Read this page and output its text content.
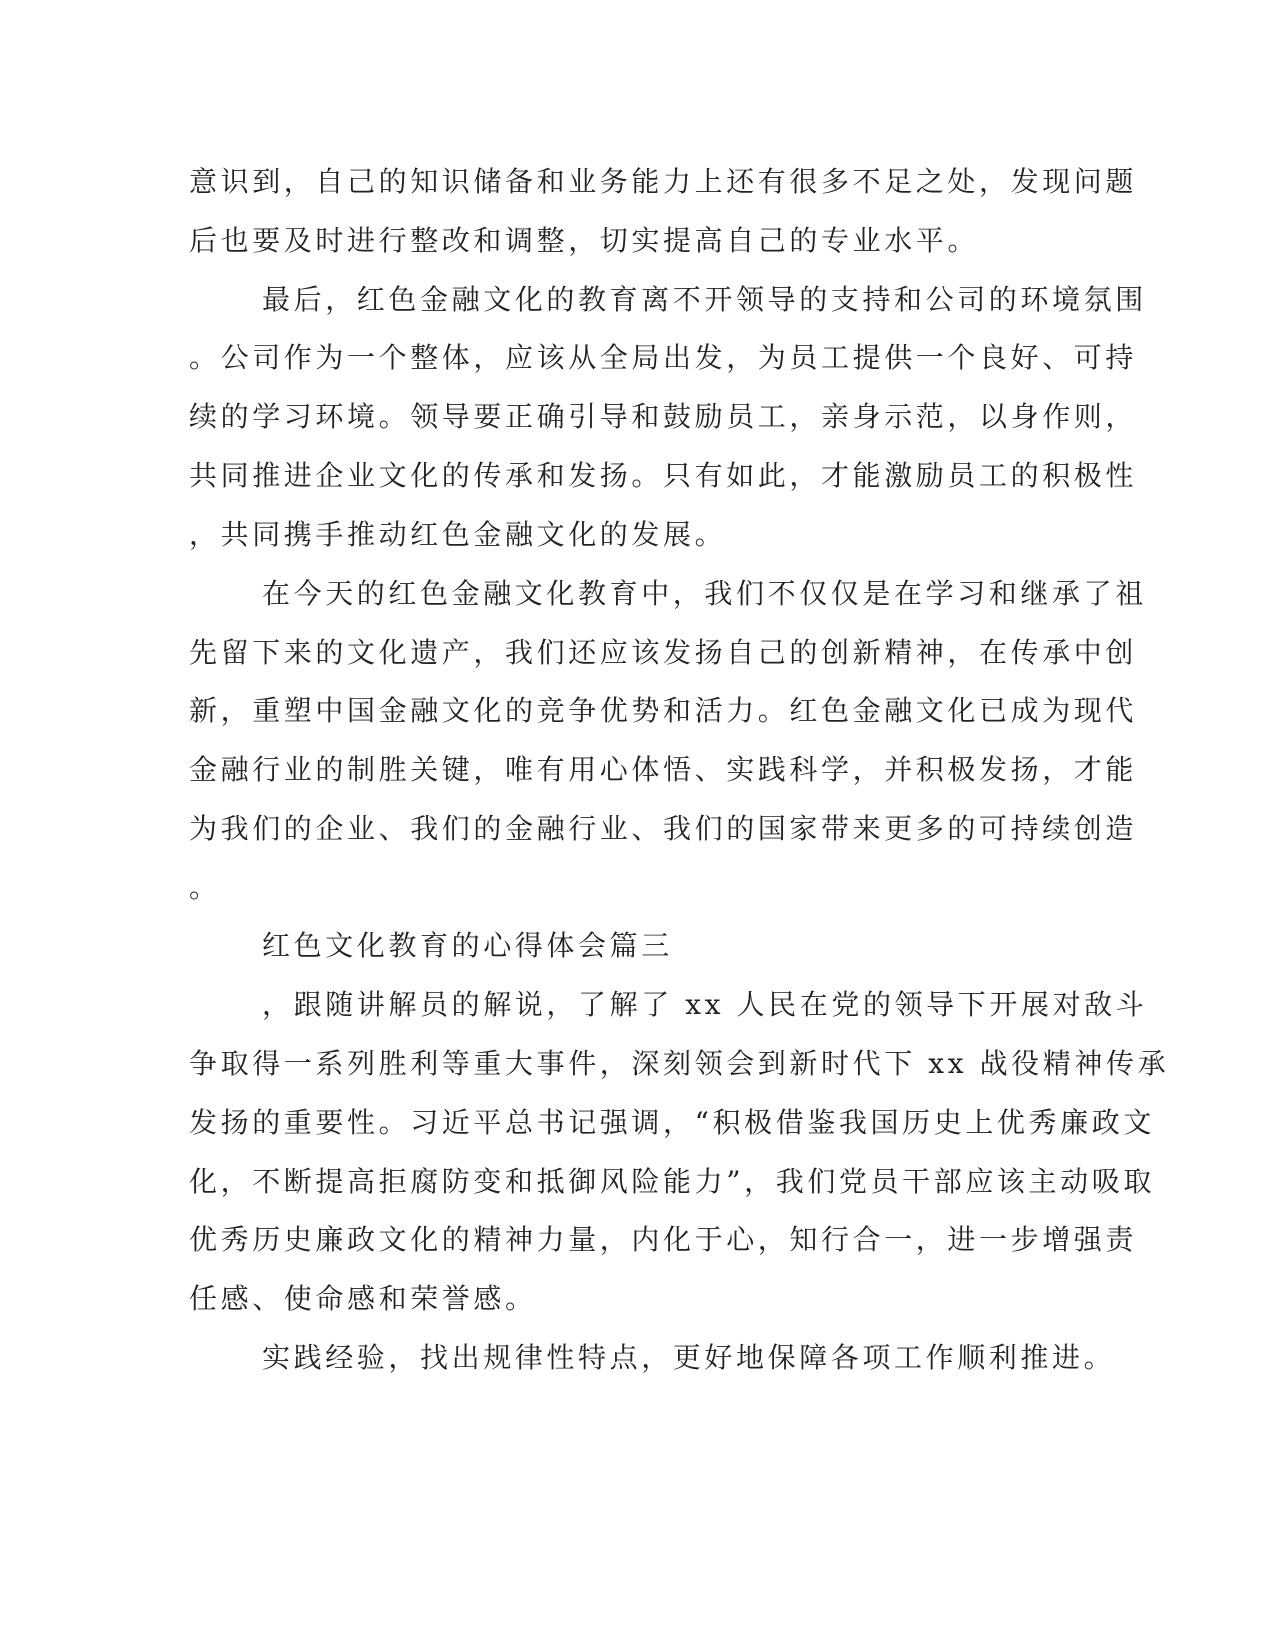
意识到，自己的知识储备和业务能力上还有很多不足之处，发现问题

后也要及时进行整改和调整，切实提高自己的专业水平。

最后，红色金融文化的教育离不开领导的支持和公司的环境氛围

。公司作为一个整体，应该从全局出发，为员工提供一个良好、可持

续的学习环境。领导要正确引导和鼓励员工，亲身示范，以身作则，

共同推进企业文化的传承和发扬。只有如此，才能激励员工的积极性

，共同携手推动红色金融文化的发展。

在今天的红色金融文化教育中，我们不仅仅是在学习和继承了祖

先留下来的文化遗产，我们还应该发扬自己的创新精神，在传承中创

新，重塑中国金融文化的竞争优势和活力。红色金融文化已成为现代

金融行业的制胜关键，唯有用心体悟、实践科学，并积极发扬，才能

为我们的企业、我们的金融行业、我们的国家带来更多的可持续创造

。

红色文化教育的心得体会篇三

，跟随讲解员的解说，了解了 xx 人民在党的领导下开展对敌斗

争取得一系列胜利等重大事件，深刻领会到新时代下 xx 战役精神传承

发扬的重要性。习近平总书记强调，“积极借鉴我国历史上优秀廉政文

化，不断提高拒腐防变和抵御风险能力”，我们党员干部应该主动吸取

优秀历史廉政文化的精神力量，内化于心，知行合一，进一步增强责

任感、使命感和荣誉感。

实践经验，找出规律性特点，更好地保障各项工作顺利推进。
